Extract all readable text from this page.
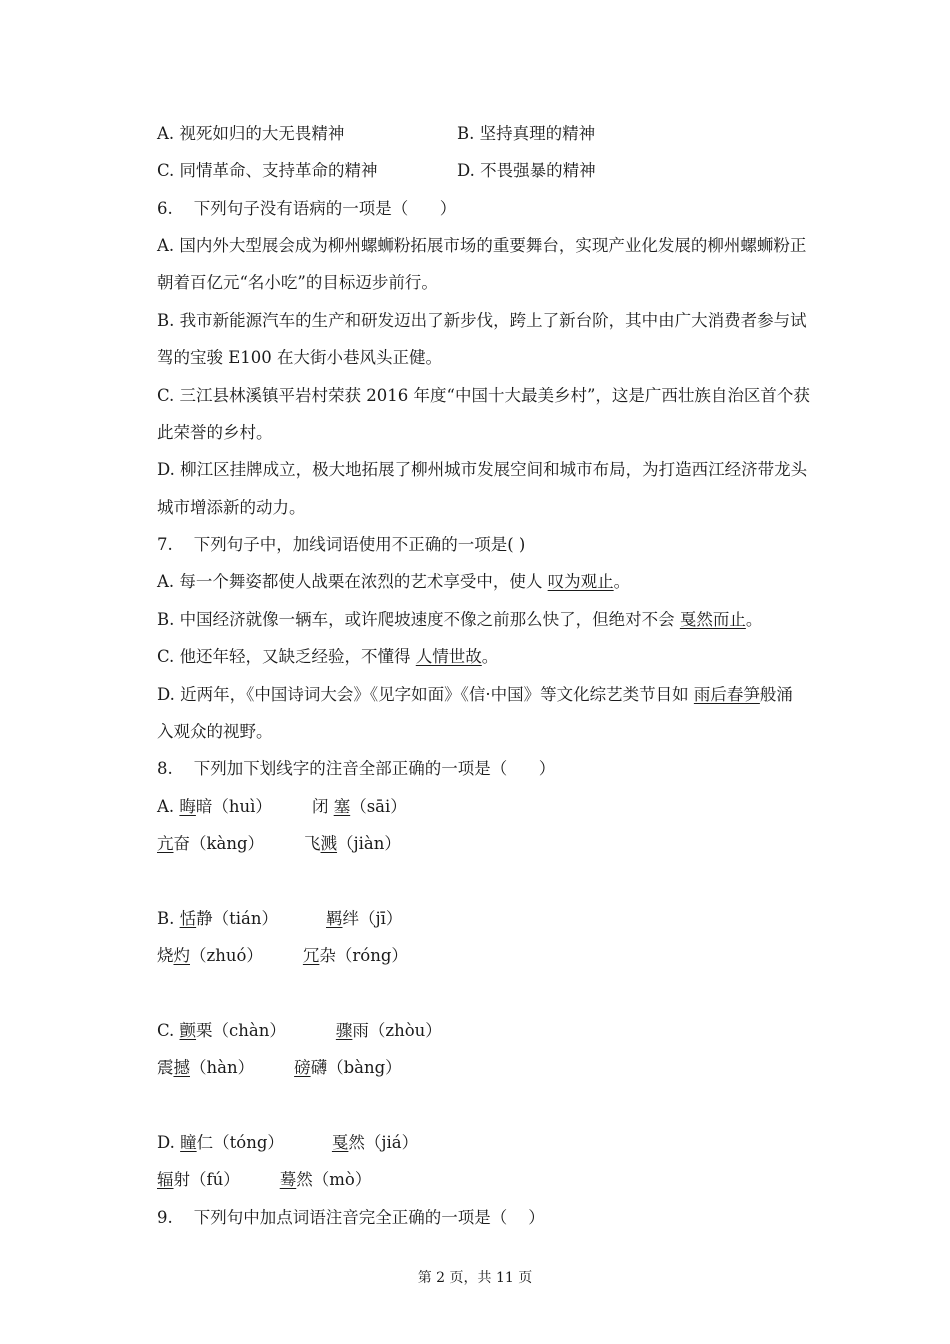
A. 视死如归的大无畏精神	B. 坚持真理的精神
C. 同情革命、支持革命的精神	D. 不畏强暴的精神
6.    下列句子没有语病的一项是（      ）
A. 国内外大型展会成为柳州螺蛳粉拓展市场的重要舞台，实现产业化发展的柳州螺蛳粉正
朝着百亿元“名小吃”的目标迈步前行。
B. 我市新能源汽车的生产和研发迈出了新步伐，跨上了新台阶，其中由广大消费者参与试
驾的宝骏 E100 在大街小巷风头正健。
C. 三江县林溪镇平岩村荣获 2016 年度“中国十大最美乡村”，这是广西壮族自治区首个获
此荣誉的乡村。
D. 柳江区挂牌成立，极大地拓展了柳州城市发展空间和城市布局，为打造西江经济带龙头
城市增添新的动力。
7.    下列句子中，加线词语使用不正确的一项是( )
A. 每一个舞姿都使人战栗在浓烈的艺术享受中，使人 叹为观止。
B. 中国经济就像一辆车，或许爬坡速度不像之前那么快了，但绝对不会 戛然而止。
C. 他还年轻，又缺乏经验，不懂得 人情世故。
D. 近两年，《中国诗词大会》《见字如面》《信·中国》等文化综艺类节目如 雨后春笋般涌
入观众的视野。
8.    下列加下划线字的注音全部正确的一项是（      ）
A. 晦暗（huì） 闭 塞（sāi）
亢奋（kàng） 飞溅（jiàn）
B. 恬静（tián）	羁绊（jī）
烧灼（zhuó） 冗杂（róng）
C. 颤栗（chàn）	骤雨（zhòu）
震撼（hàn） 磅礴（bàng）
D. 瞳仁（tóng）	戛然（jiá）
辐射（fú） 蓦然（mò）
9.    下列句中加点词语注音完全正确的一项是（    ）
第 2 页，共 11 页
